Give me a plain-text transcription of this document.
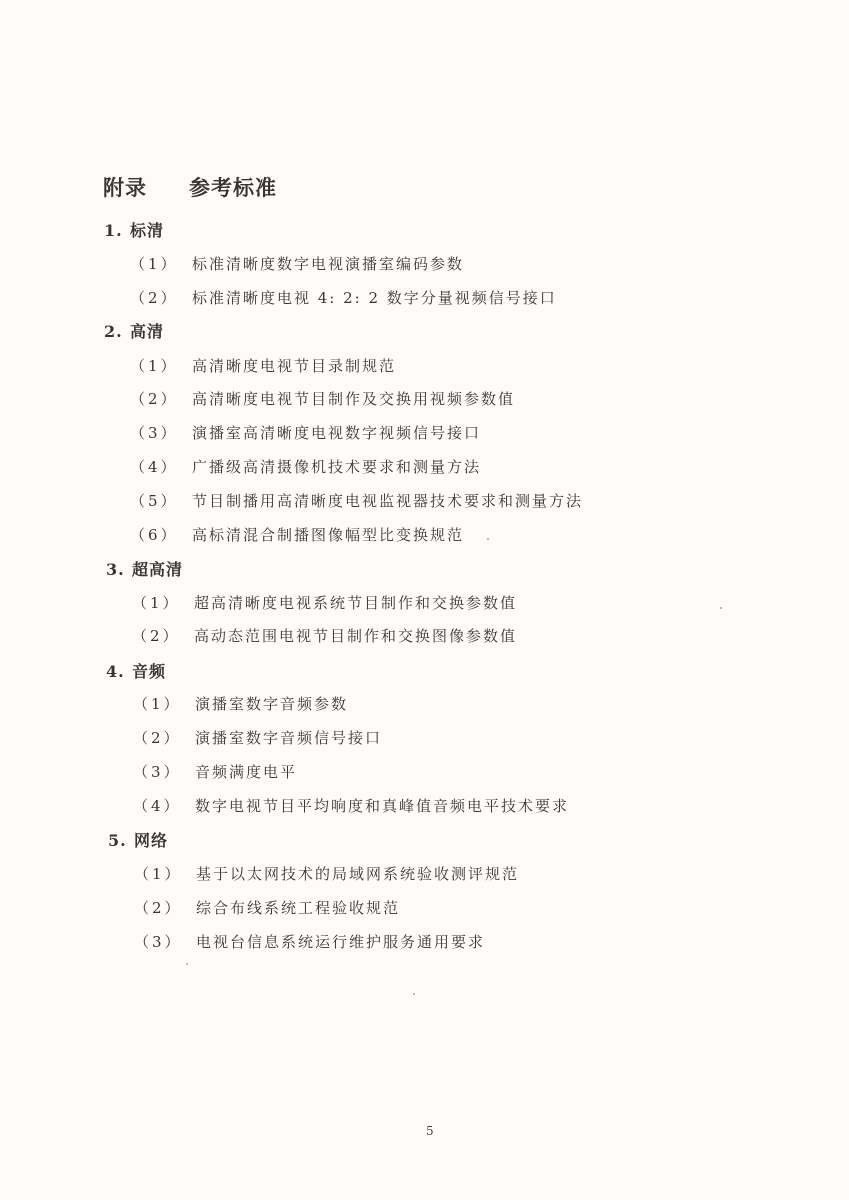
附录 参考标准
1. 标清
（1） 标准清晰度数字电视演播室编码参数
（2） 标准清晰度电视 4: 2: 2 数字分量视频信号接口
2. 高清
（1） 高清晰度电视节目录制规范
（2） 高清晰度电视节目制作及交换用视频参数值
（3） 演播室高清晰度电视数字视频信号接口
（4） 广播级高清摄像机技术要求和测量方法
（5） 节目制播用高清晰度电视监视器技术要求和测量方法
（6） 高标清混合制播图像幅型比变换规范
3. 超高清
（1） 超高清晰度电视系统节目制作和交换参数值
（2） 高动态范围电视节目制作和交换图像参数值
4. 音频
（1） 演播室数字音频参数
（2） 演播室数字音频信号接口
（3） 音频满度电平
（4） 数字电视节目平均响度和真峰值音频电平技术要求
5. 网络
（1） 基于以太网技术的局域网系统验收测评规范
（2） 综合布线系统工程验收规范
（3） 电视台信息系统运行维护服务通用要求
5
